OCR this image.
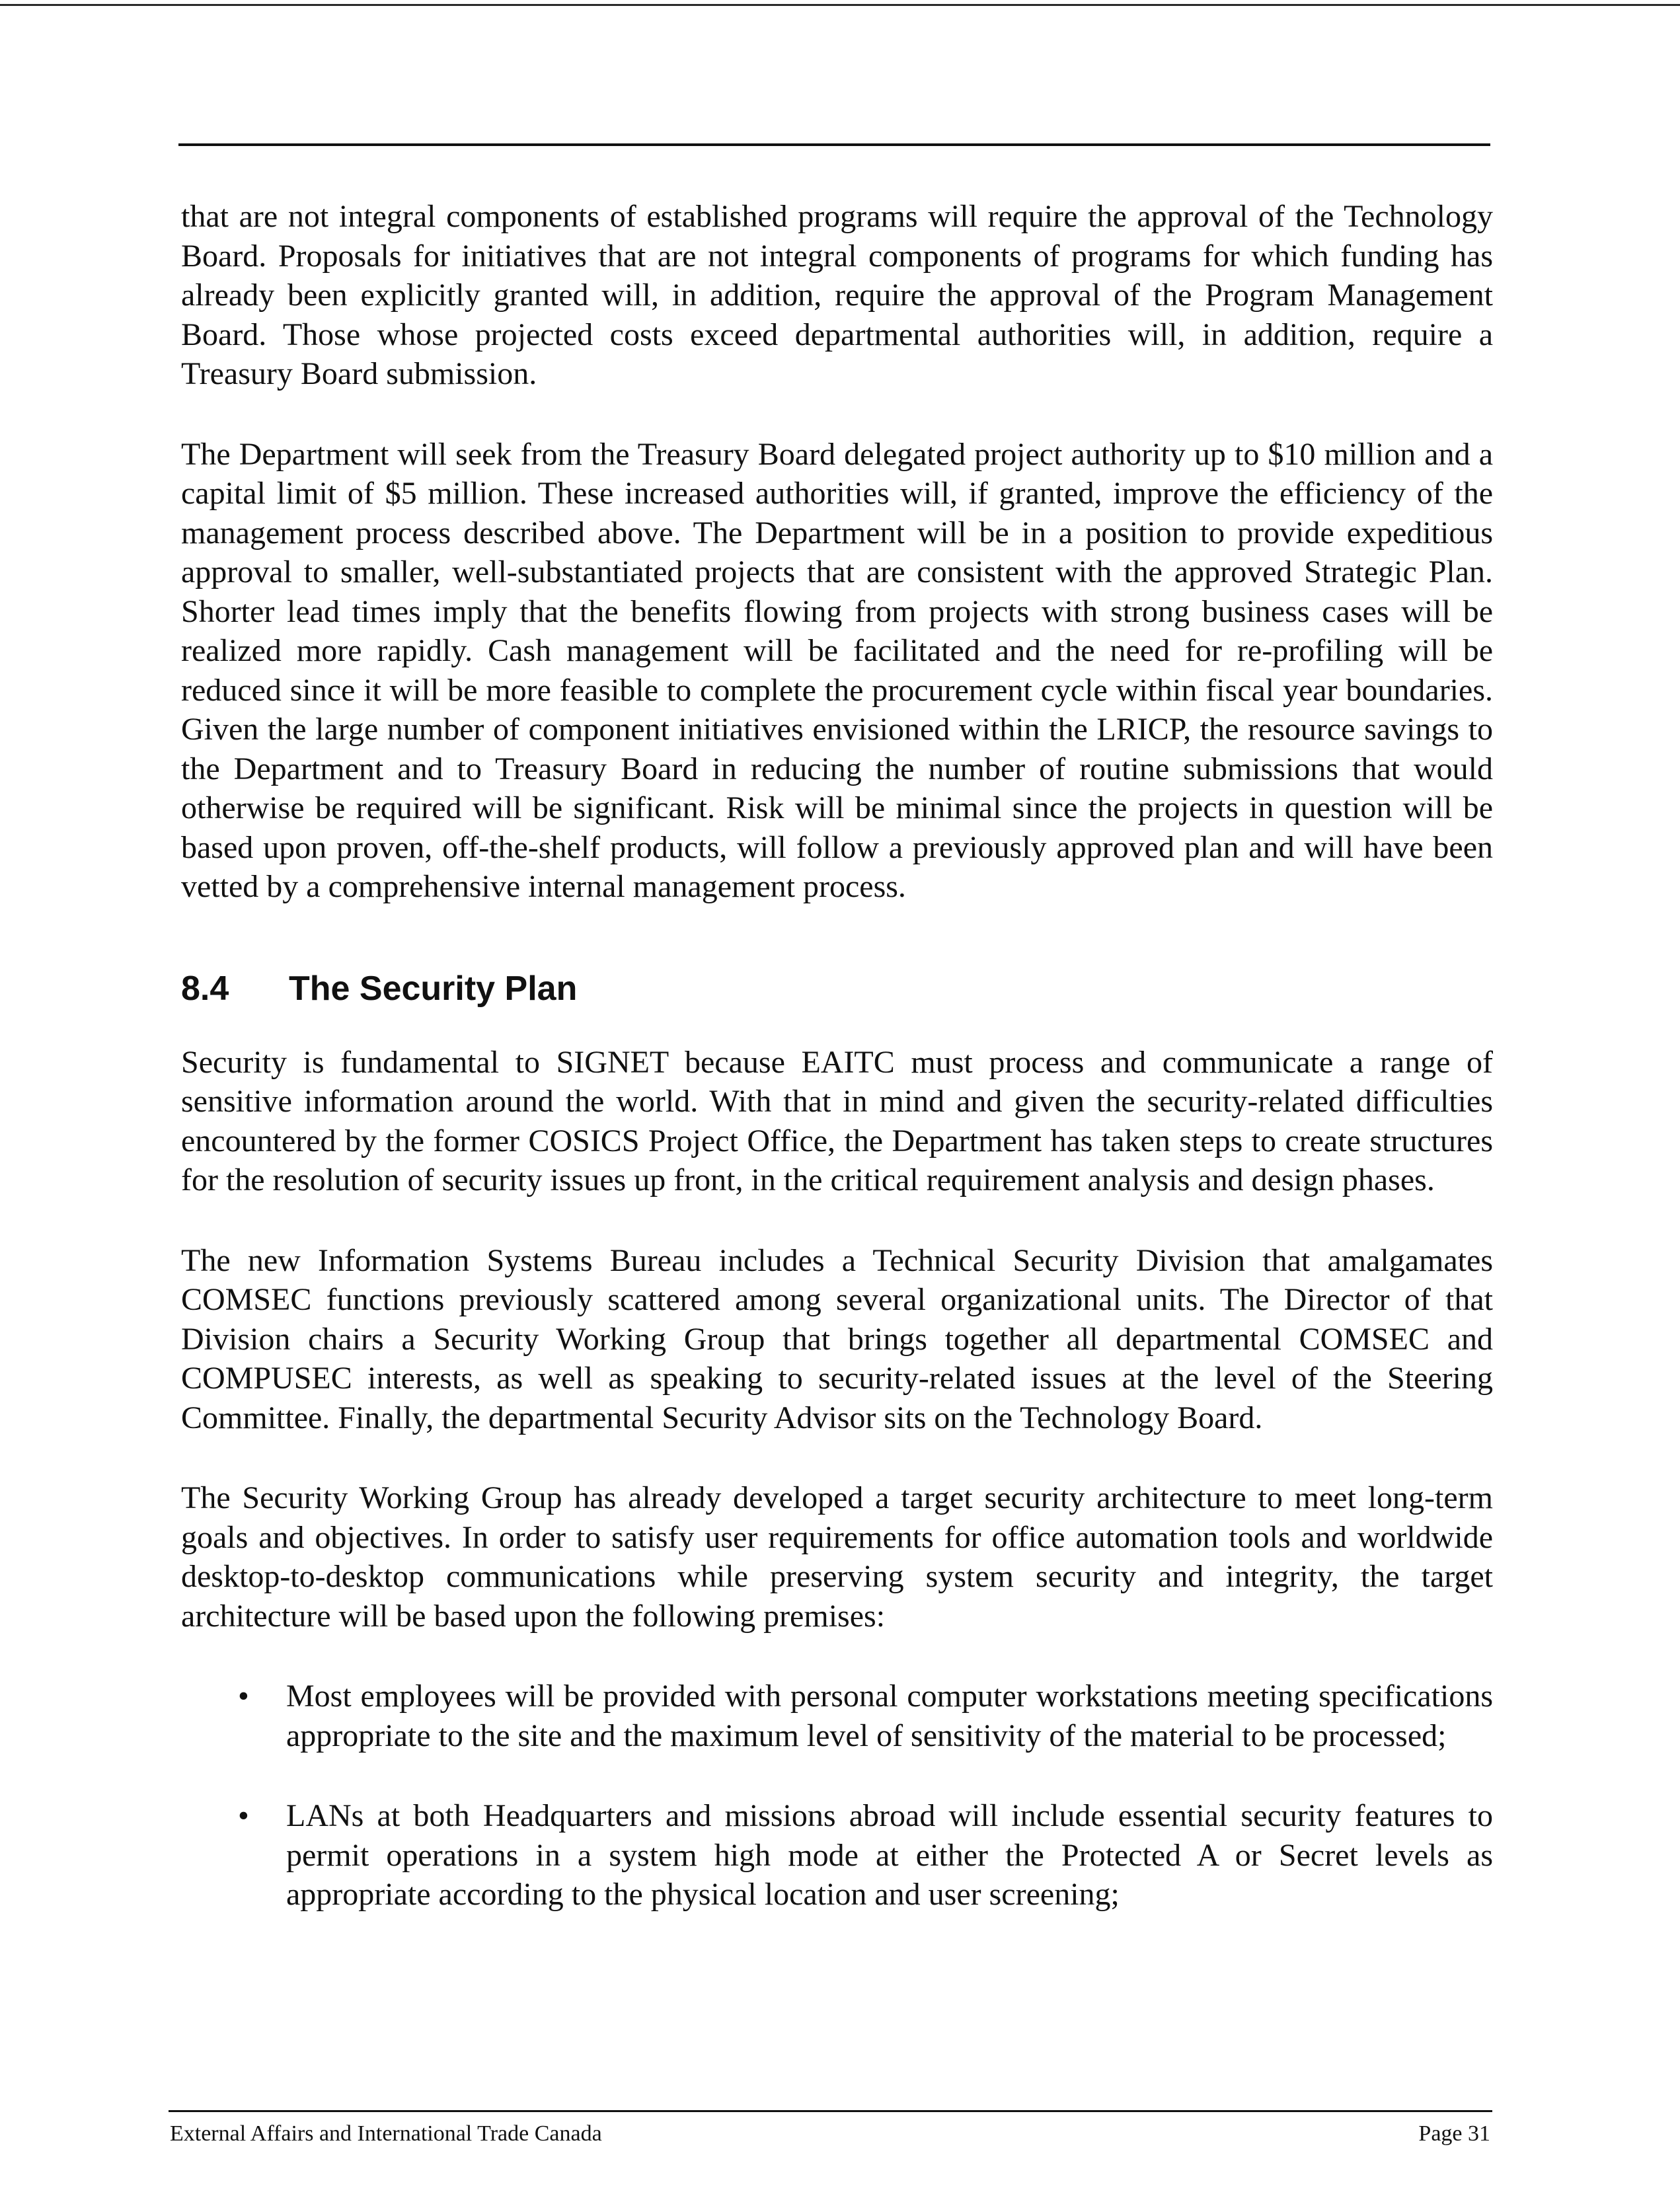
that are not integral components of established programs will require the approval of the Technology Board. Proposals for initiatives that are not integral components of programs for which funding has already been explicitly granted will, in addition, require the approval of the Program Management Board. Those whose projected costs exceed departmental authorities will, in addition, require a Treasury Board submission.

The Department will seek from the Treasury Board delegated project authority up to $10 million and a capital limit of $5 million. These increased authorities will, if granted, improve the efficiency of the management process described above. The Department will be in a position to provide expeditious approval to smaller, well-substantiated projects that are consistent with the approved Strategic Plan. Shorter lead times imply that the benefits flowing from projects with strong business cases will be realized more rapidly. Cash management will be facilitated and the need for re-profiling will be reduced since it will be more feasible to complete the procurement cycle within fiscal year boundaries. Given the large number of component initiatives envisioned within the LRICP, the resource savings to the Department and to Treasury Board in reducing the number of routine submissions that would otherwise be required will be significant. Risk will be minimal since the projects in question will be based upon proven, off-the-shelf products, will follow a previously approved plan and will have been vetted by a comprehensive internal management process.

8.4	The Security Plan

Security is fundamental to SIGNET because EAITC must process and communicate a range of sensitive information around the world. With that in mind and given the security-related difficulties encountered by the former COSICS Project Office, the Department has taken steps to create structures for the resolution of security issues up front, in the critical requirement analysis and design phases.

The new Information Systems Bureau includes a Technical Security Division that amalgamates COMSEC functions previously scattered among several organizational units. The Director of that Division chairs a Security Working Group that brings together all departmental COMSEC and COMPUSEC interests, as well as speaking to security-related issues at the level of the Steering Committee. Finally, the departmental Security Advisor sits on the Technology Board.

The Security Working Group has already developed a target security architecture to meet long-term goals and objectives. In order to satisfy user requirements for office automation tools and worldwide desktop-to-desktop communications while preserving system security and integrity, the target architecture will be based upon the following premises:

• Most employees will be provided with personal computer workstations meeting specifications appropriate to the site and the maximum level of sensitivity of the material to be processed;
• LANs at both Headquarters and missions abroad will include essential security features to permit operations in a system high mode at either the Protected A or Secret levels as appropriate according to the physical location and user screening;
External Affairs and International Trade Canada	Page 31
